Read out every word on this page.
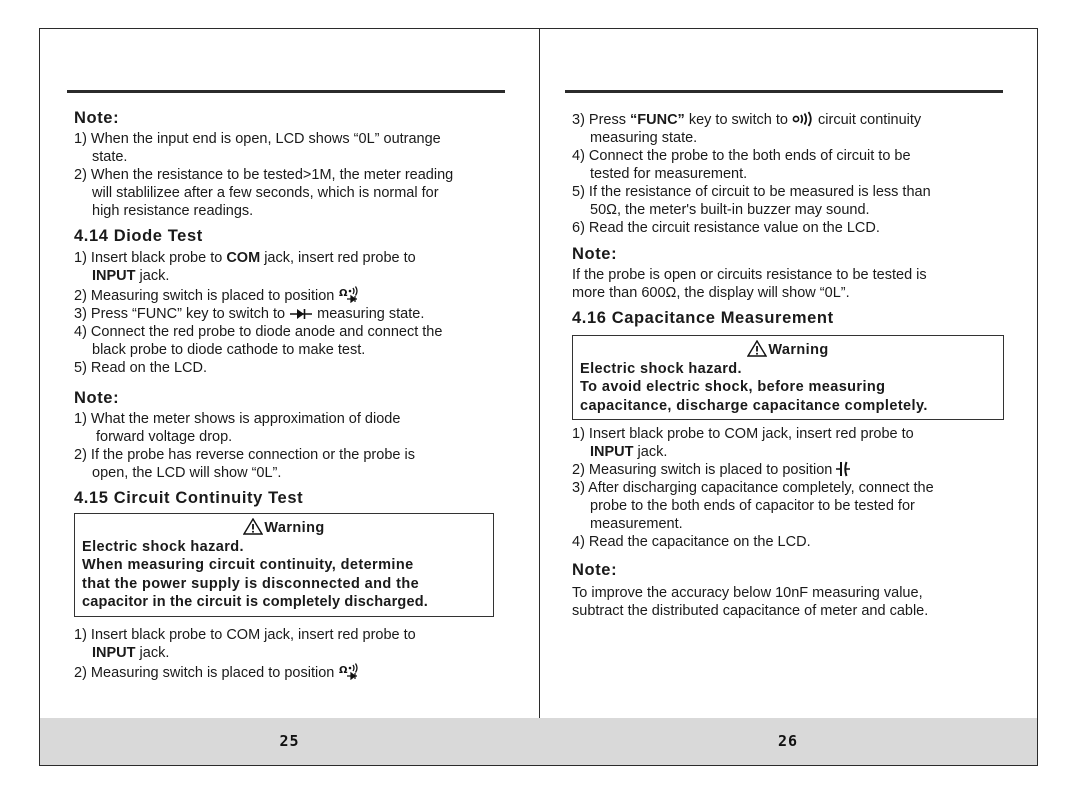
Note:

1) When the input end is open, LCD shows “0L” outrange
state.

2) When the resistance to be tested>1M, the meter reading
will stablilizee after a few seconds, which is normal for
high resistance readings.

4.14 Diode Test

1) Insert black probe to COM jack, insert red probe to
INPUT jack.

2) Measuring switch is placed to position Ω

3) Press “FUNC” key to switch to  measuring state.

4) Connect the red probe to diode anode and connect the
black probe to diode cathode to make test.

5) Read on the LCD.

Note:

1) What the meter shows is approximation of diode
forward voltage drop.

2) If the probe has reverse connection or the probe is
open, the LCD will show “0L”.

4.15 Circuit Continuity Test

Warning
Electric shock hazard.
When measuring circuit continuity, determine
that the power supply is disconnected and the
capacitor in the circuit is completely discharged.

1) Insert black probe to COM jack, insert red probe to
INPUT jack.

2) Measuring switch is placed to position Ω

25

3) Press “FUNC” key to switch to  circuit continuity
measuring state.

4) Connect the probe to the both ends of circuit to be
tested for measurement.

5) If the resistance of circuit to be measured is less than
50Ω, the meter's built-in buzzer may sound.

6) Read the circuit resistance value on the LCD.

Note:

If the probe is open or circuits resistance to be tested is
more than 600Ω, the display will show “0L”.

4.16 Capacitance Measurement

Warning
Electric shock hazard.
To avoid electric shock, before measuring
capacitance, discharge capacitance completely.

1) Insert black probe to COM jack, insert red probe to
INPUT jack.

2) Measuring switch is placed to position

3) After discharging capacitance completely, connect the
probe to the both ends of capacitor to be tested for
measurement.

4) Read the capacitance on the LCD.

Note:

To improve the accuracy below 10nF measuring value,
subtract the distributed capacitance of meter and cable.

26
